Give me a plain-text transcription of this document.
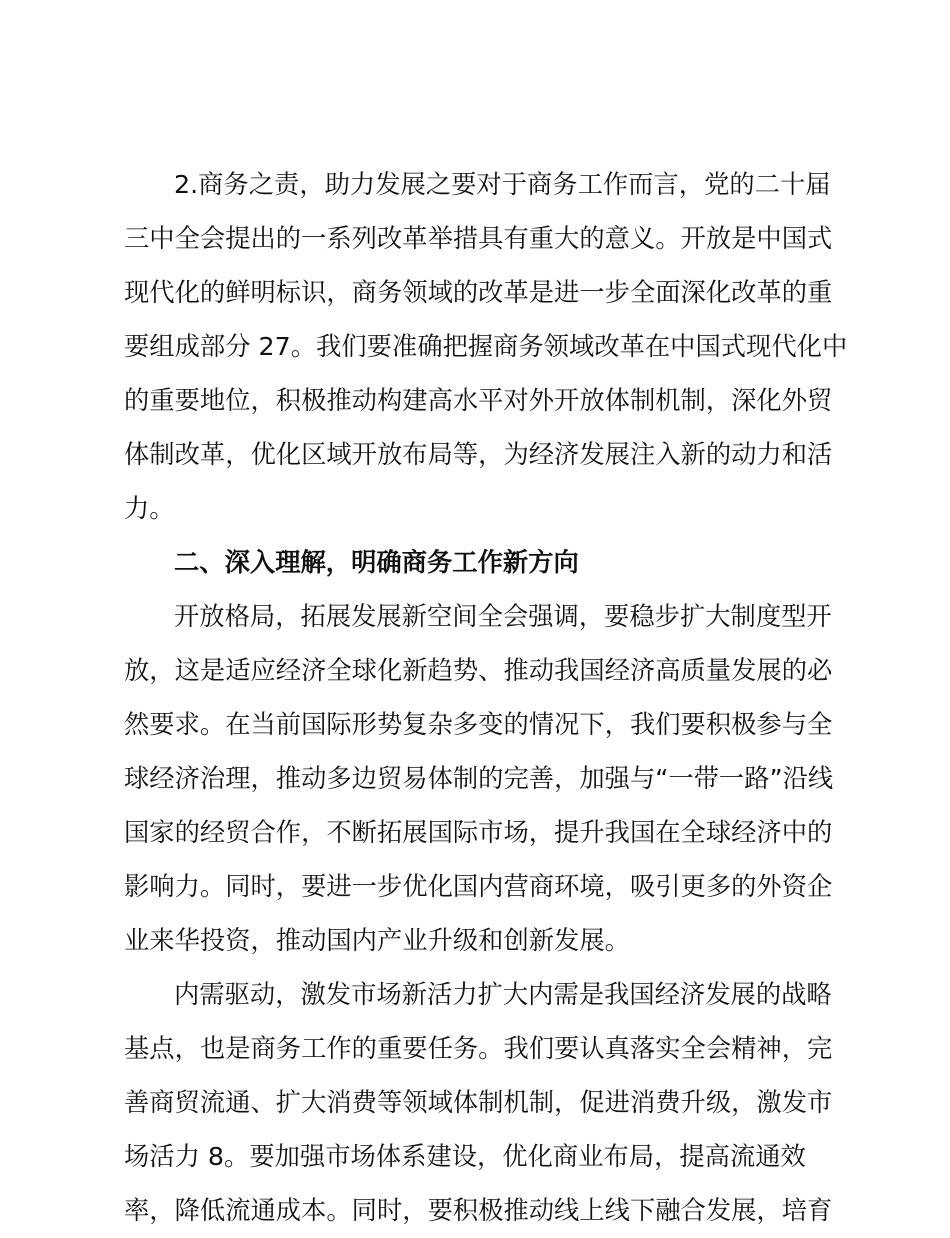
2.商务之责，助力发展之要对于商务工作而言，党的二十届
三中全会提出的一系列改革举措具有重大的意义。开放是中国式
现代化的鲜明标识，商务领域的改革是进一步全面深化改革的重
要组成部分 27。我们要准确把握商务领域改革在中国式现代化中
的重要地位，积极推动构建高水平对外开放体制机制，深化外贸
体制改革，优化区域开放布局等，为经济发展注入新的动力和活
力。
二、深入理解，明确商务工作新方向
开放格局，拓展发展新空间全会强调，要稳步扩大制度型开
放，这是适应经济全球化新趋势、推动我国经济高质量发展的必
然要求。在当前国际形势复杂多变的情况下，我们要积极参与全
球经济治理，推动多边贸易体制的完善，加强与“一带一路”沿线
国家的经贸合作，不断拓展国际市场，提升我国在全球经济中的
影响力。同时，要进一步优化国内营商环境，吸引更多的外资企
业来华投资，推动国内产业升级和创新发展。
内需驱动，激发市场新活力扩大内需是我国经济发展的战略
基点，也是商务工作的重要任务。我们要认真落实全会精神，完
善商贸流通、扩大消费等领域体制机制，促进消费升级，激发市
场活力 8。要加强市场体系建设，优化商业布局，提高流通效
率，降低流通成本。同时，要积极推动线上线下融合发展，培育
